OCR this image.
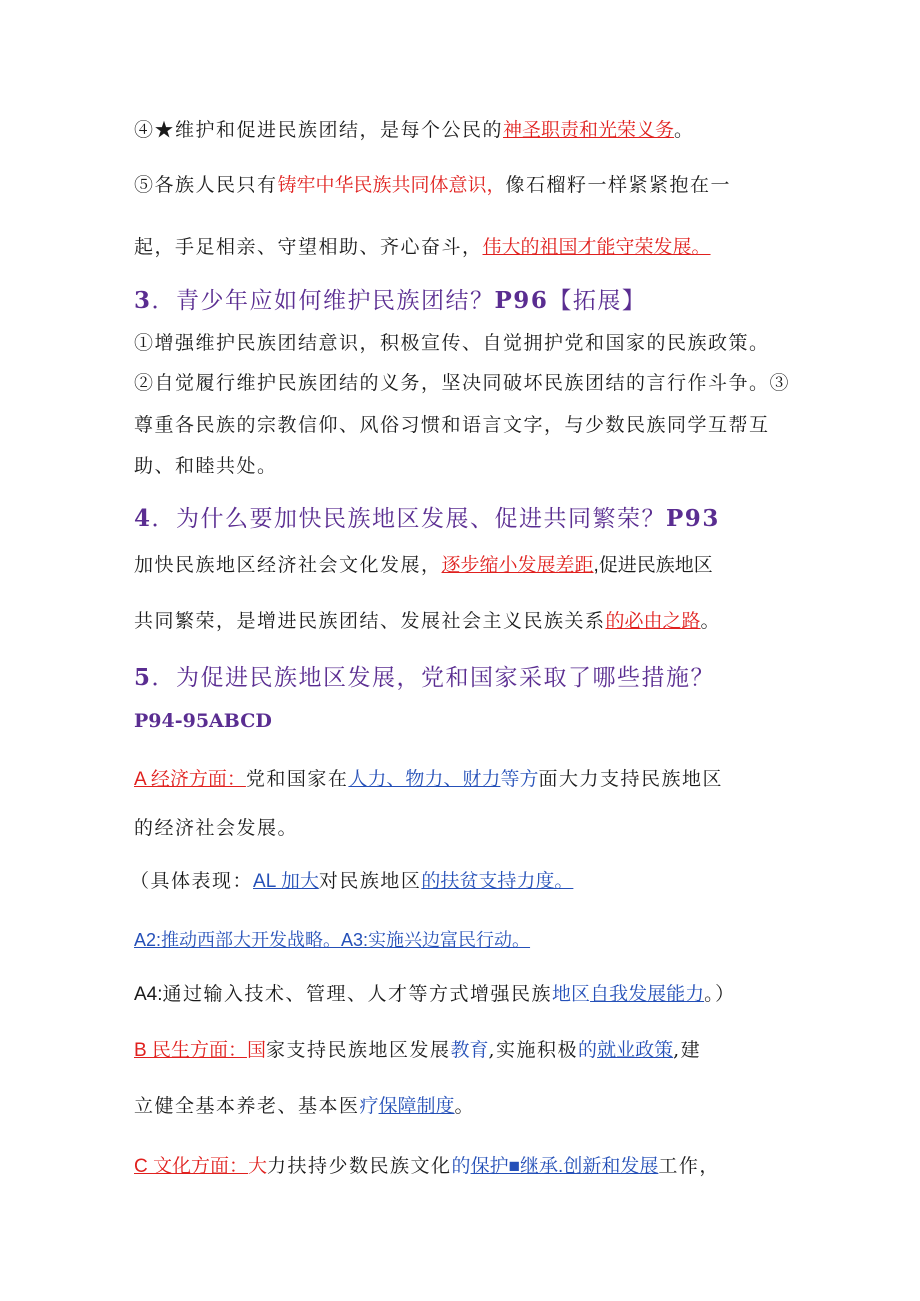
④★维护和促进民族团结，是每个公民的神圣职责和光荣义务。
⑤各族人民只有铸牢中华民族共同体意识，像石榴籽一样紧紧抱在一
起，手足相亲、守望相助、齐心奋斗，伟大的祖国才能守荣发展。
3．青少年应如何维护民族团结？P96【拓展】
①增强维护民族团结意识，积极宣传、自觉拥护党和国家的民族政策。
②自觉履行维护民族团结的义务，坚决同破坏民族团结的言行作斗争。③
尊重各民族的宗教信仰、风俗习惯和语言文字，与少数民族同学互帮互
助、和睦共处。
4．为什么要加快民族地区发展、促进共同繁荣？P93
加快民族地区经济社会文化发展，逐步缩小发展差距,促进民族地区
共同繁荣，是增进民族团结、发展社会主义民族关系的必由之路。
5．为促进民族地区发展，党和国家采取了哪些措施？
P94-95ABCD
A 经济方面：党和国家在人力、物力、财力等方面大力支持民族地区
的经济社会发展。
（具体表现：AL 加大对民族地区的扶贫支持力度。
A2:推动西部大开发战略。A3:实施兴边富民行动。
A4:通过输入技术、管理、人才等方式增强民族地区自我发展能力。）
B 民生方面：国家支持民族地区发展教育,实施积极的就业政策,建
立健全基本养老、基本医疗保障制度。
C 文化方面：大力扶持少数民族文化的保护■继承.创新和发展工作，
